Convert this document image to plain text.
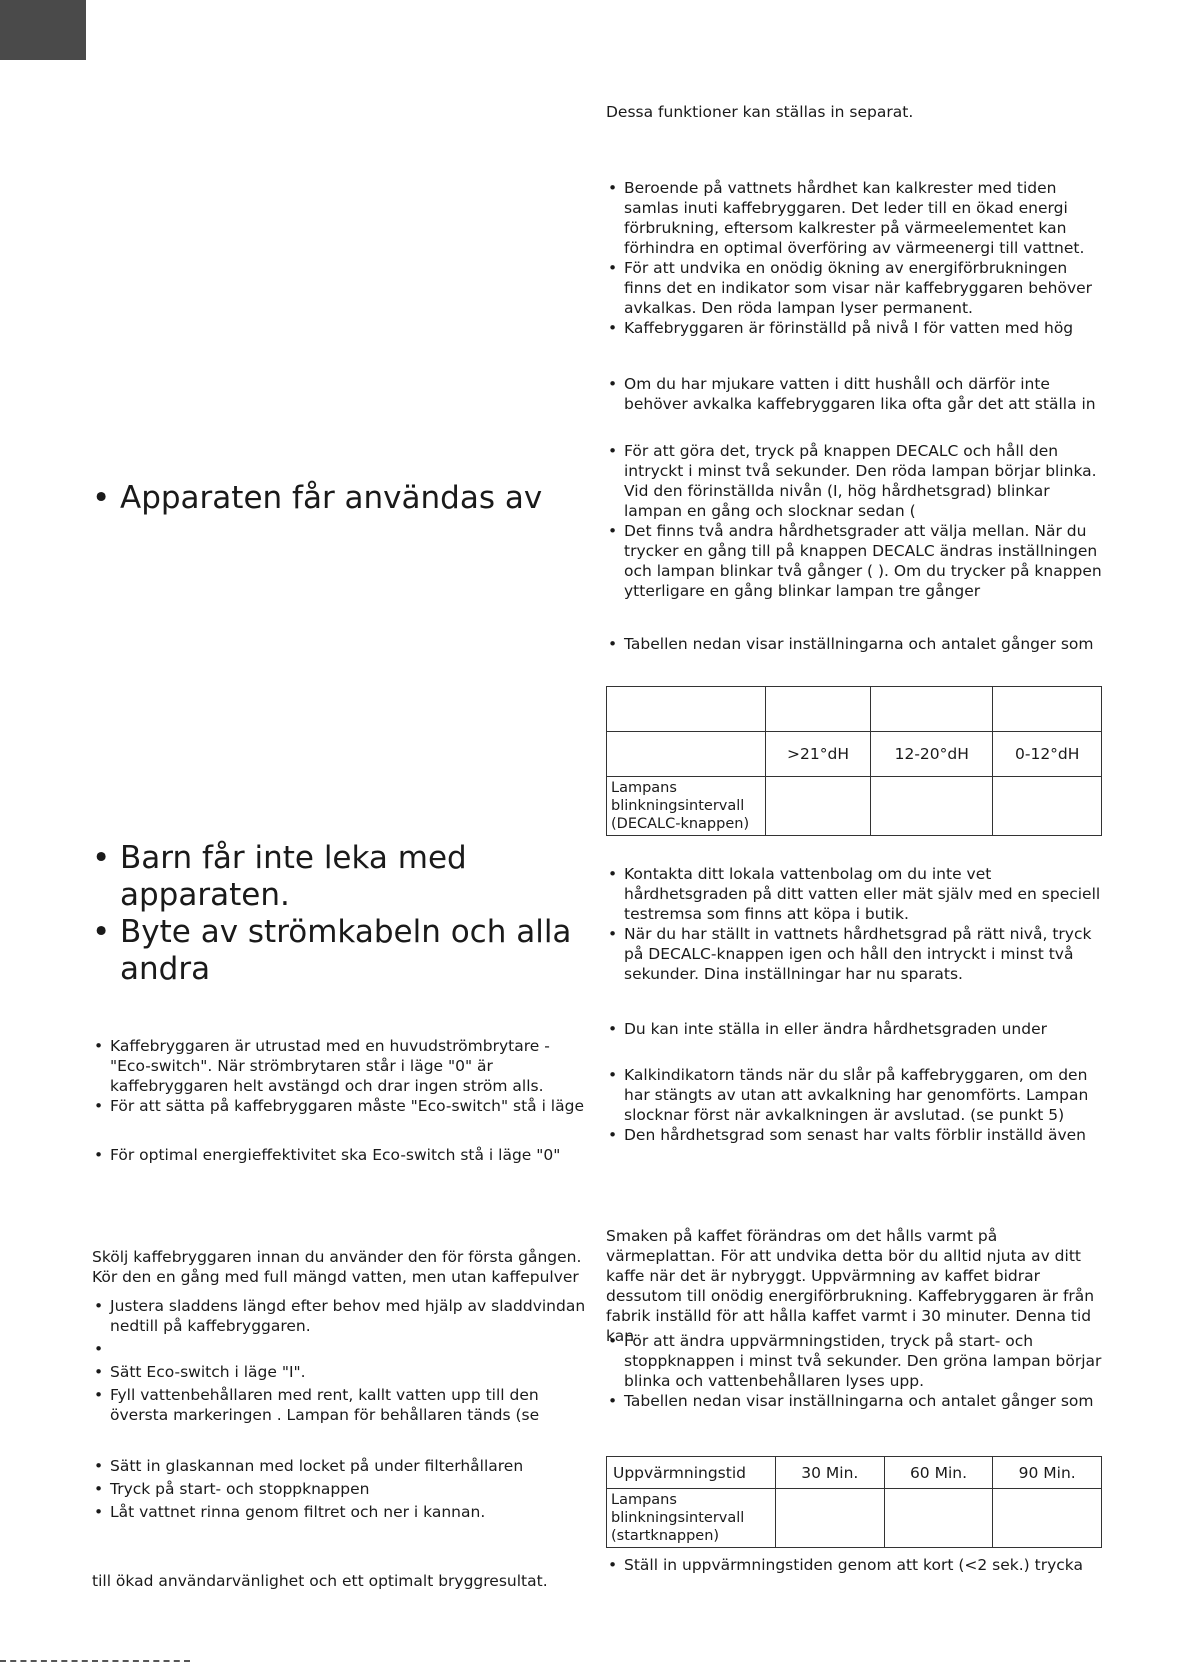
Dessa funktioner kan ställas in separat.

• Beroende på vattnets hårdhet kan kalkrester med tiden samlas inuti kaffebryggaren. Det leder till en ökad energi förbrukning, eftersom kalkrester på värmeelementet kan förhindra en optimal överföring av värmeenergi till vattnet.
• För att undvika en onödig ökning av energiförbrukningen finns det en indikator som visar när kaffebryggaren behöver avkalkas. Den röda lampan lyser permanent.
• Kaffebryggaren är förinställd på nivå I för vatten med hög
• Om du har mjukare vatten i ditt hushåll och därför inte behöver avkalka kaffebryggaren lika ofta går det att ställa in
• För att göra det, tryck på knappen DECALC och håll den intryckt i minst två sekunder. Den röda lampan börjar blinka. Vid den förinställda nivån (I, hög hårdhetsgrad) blinkar lampan en gång och slocknar sedan (
• Det finns två andra hårdhetsgrader att välja mellan. När du trycker en gång till på knappen DECALC ändras inställningen och lampan blinkar två gånger ( ). Om du trycker på knappen ytterligare en gång blinkar lampan tre gånger
• Tabellen nedan visar inställningarna och antalet gånger som

	>21°dH	12-20°dH	0-12°dH
Lampans blinkningsintervall (DECALC-knappen)			
• Kontakta ditt lokala vattenbolag om du inte vet hårdhetsgraden på ditt vatten eller mät själv med en speciell testremsa som finns att köpa i butik.
• När du har ställt in vattnets hårdhetsgrad på rätt nivå, tryck på DECALC-knappen igen och håll den intryckt i minst två sekunder. Dina inställningar har nu sparats.
• Du kan inte ställa in eller ändra hårdhetsgraden under
• Kalkindikatorn tänds när du slår på kaffebryggaren, om den har stängts av utan att avkalkning har genomförts. Lampan slocknar först när avkalkningen är avslutad. (se punkt 5)
• Den hårdhetsgrad som senast har valts förblir inställd även

Smaken på kaffet förändras om det hålls varmt på värmeplattan. För att undvika detta bör du alltid njuta av ditt kaffe när det är nybryggt. Uppvärmning av kaffet bidrar dessutom till onödig energiförbrukning. Kaffebryggaren är från fabrik inställd för att hålla kaffet varmt i 30 minuter. Denna tid kan

• För att ändra uppvärmningstiden, tryck på start- och stoppknappen i minst två sekunder. Den gröna lampan börjar blinka och vattenbehållaren lyses upp.
• Tabellen nedan visar inställningarna och antalet gånger som
Uppvärmningstid	30 Min.	60 Min.	90 Min.
Lampans blinkningsintervall (startknappen)			
• Ställ in uppvärmningstiden genom att kort (<2 sek.) trycka
• Apparaten får användas av
• Barn får inte leka med apparaten.
• Byte av strömkabeln och alla andra
• Kaffebryggaren är utrustad med en huvudströmbrytare - "Eco-switch". När strömbrytaren står i läge "0" är kaffebryggaren helt avstängd och drar ingen ström alls.
• För att sätta på kaffebryggaren måste "Eco-switch" stå i läge
• För optimal energieffektivitet ska Eco-switch stå i läge "0"

Skölj kaffebryggaren innan du använder den för första gången. Kör den en gång med full mängd vatten, men utan kaffepulver

• Justera sladdens längd efter behov med hjälp av sladdvindan nedtill på kaffebryggaren.
•
• Sätt Eco-switch i läge "I".
• Fyll vattenbehållaren med rent, kallt vatten upp till den översta markeringen . Lampan för behållaren tänds (se
• Sätt in glaskannan med locket på under filterhållaren
• Tryck på start- och stoppknappen
• Låt vattnet rinna genom filtret och ner i kannan.

till ökad användarvänlighet och ett optimalt bryggresultat.
